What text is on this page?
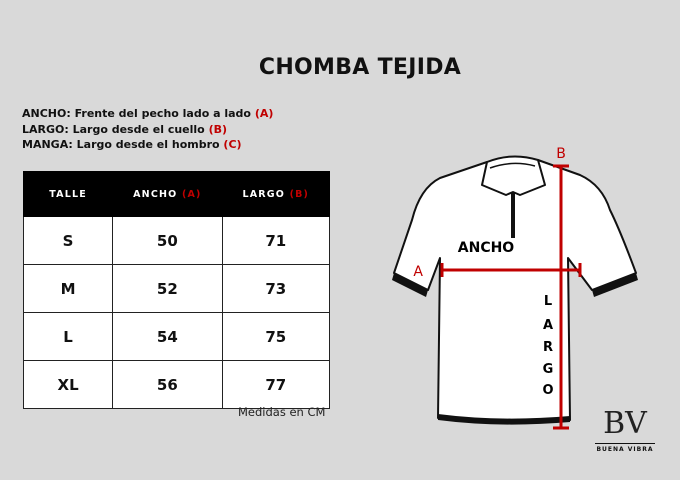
CHOMBA TEJIDA
ANCHO: Frente del pecho lado a lado (A)
LARGO: Largo desde el cuello (B)
MANGA: Largo desde el hombro (C)
TALLE	ANCHO (A)	LARGO (B)
S	50	71
M	52	73
L	54	75
XL	56	77
Medidas en CM
A
B
ANCHO
L
A
R
G
O
BV
BUENA VIBRA
